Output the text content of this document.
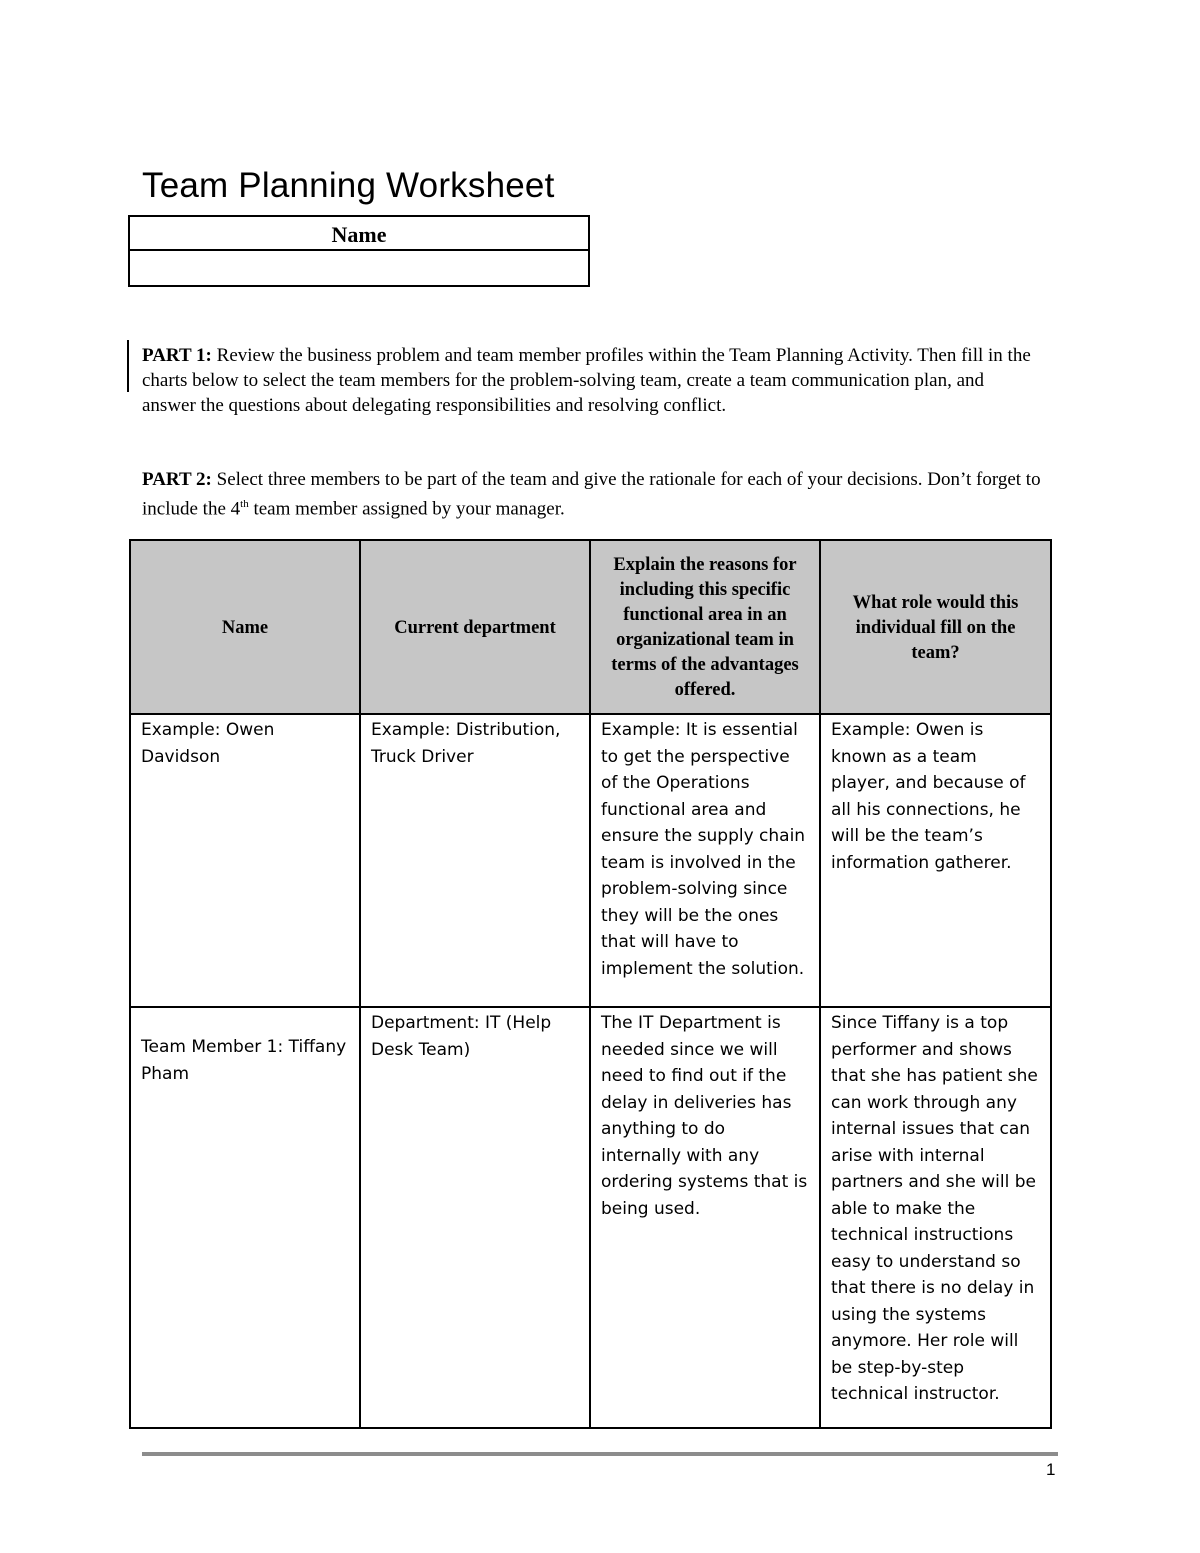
Team Planning Worksheet
Name

PART 1: Review the business problem and team member profiles within the Team Planning Activity. Then fill in the charts below to select the team members for the problem-solving team, create a team communication plan, and answer the questions about delegating responsibilities and resolving conflict.

PART 2: Select three members to be part of the team and give the rationale for each of your decisions. Don’t forget to include the 4th team member assigned by your manager.

Name	Current department	Explain the reasons for including this specific functional area in an organizational team in terms of the advantages offered.	What role would this individual fill on the team?
Example: Owen Davidson	Example: Distribution, Truck Driver	Example: It is essential to get the perspective of the Operations functional area and ensure the supply chain team is involved in the problem-solving since they will be the ones that will have to implement the solution.	Example: Owen is known as a team player, and because of all his connections, he will be the team’s information gatherer.
Team Member 1: Tiffany Pham	Department: IT (Help Desk Team)	The IT Department is needed since we will need to find out if the delay in deliveries has anything to do internally with any ordering systems that is being used.	Since Tiffany is a top performer and shows that she has patient she can work through any internal issues that can arise with internal partners and she will be able to make the technical instructions easy to understand so that there is no delay in using the systems anymore. Her role will be step-by-step technical instructor.
1
